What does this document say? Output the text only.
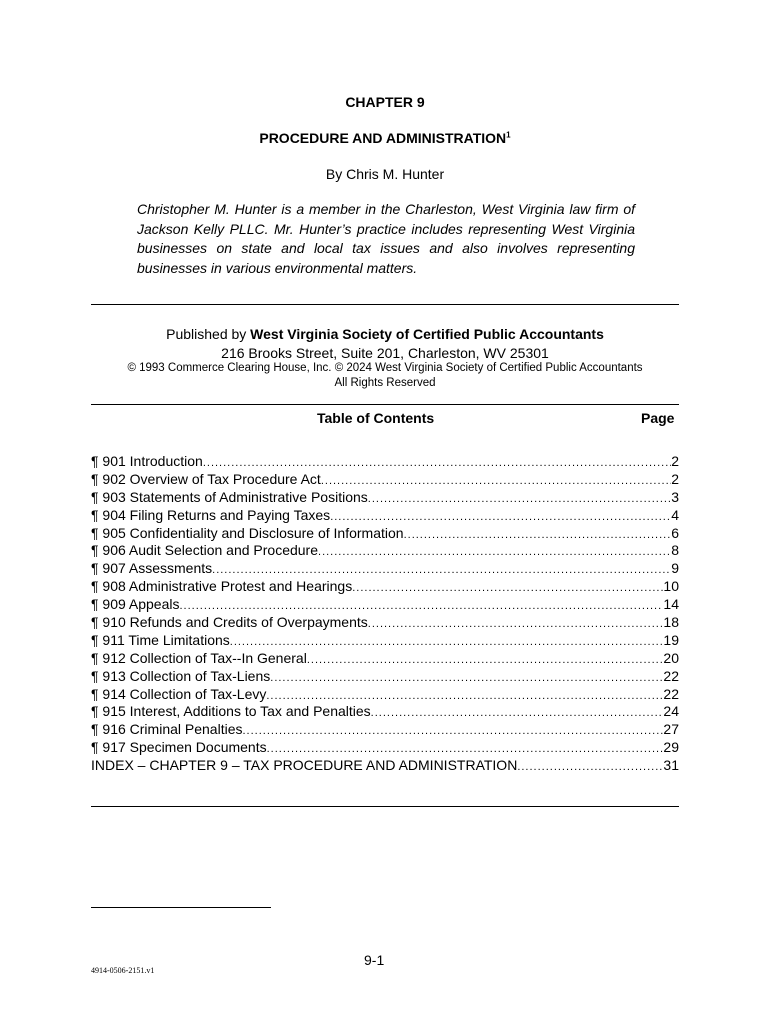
CHAPTER 9
PROCEDURE AND ADMINISTRATION$^1$
By Chris M. Hunter
Christopher M. Hunter is a member in the Charleston, West Virginia law firm of Jackson Kelly PLLC. Mr. Hunter’s practice includes representing West Virginia businesses on state and local tax issues and also involves representing businesses in various environmental matters.
Published by West Virginia Society of Certified Public Accountants
216 Brooks Street, Suite 201, Charleston, WV 25301
© 1993 Commerce Clearing House, Inc. © 2024 West Virginia Society of Certified Public Accountants
All Rights Reserved
Table of Contents	Page
¶ 901 Introduction .....	2
¶ 902 Overview of Tax Procedure Act .....	2
¶ 903 Statements of Administrative Positions .....	3
¶ 904 Filing Returns and Paying Taxes .....	4
¶ 905 Confidentiality and Disclosure of Information .....	6
¶ 906 Audit Selection and Procedure .....	8
¶ 907 Assessments .....	9
¶ 908 Administrative Protest and Hearings .....	10
¶ 909 Appeals .....	14
¶ 910 Refunds and Credits of Overpayments .....	18
¶ 911 Time Limitations .....	19
¶ 912 Collection of Tax--In General .....	20
¶ 913 Collection of Tax-Liens .....	22
¶ 914 Collection of Tax-Levy .....	22
¶ 915 Interest, Additions to Tax and Penalties .....	24
¶ 916 Criminal Penalties .....	27
¶ 917 Specimen Documents .....	29
INDEX – CHAPTER 9 – TAX PROCEDURE AND ADMINISTRATION .....	31
9-1
4914-0506-2151.v1
